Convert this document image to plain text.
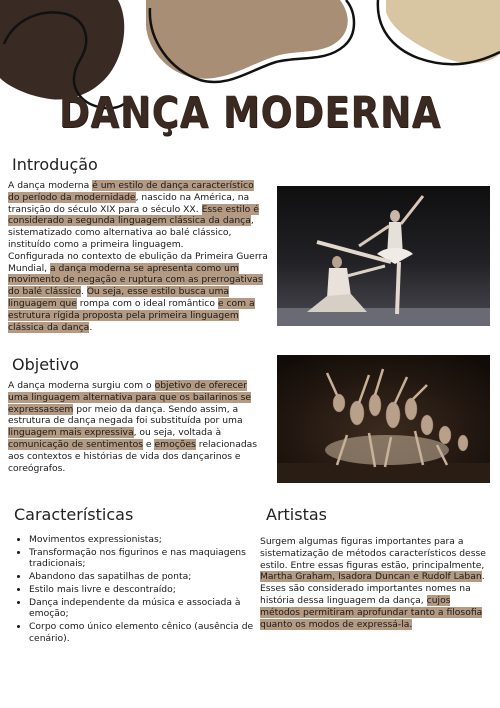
DANÇA MODERNA
Introdução

A dança moderna é um estilo de dança característico do período da modernidade, nascido na América, na transição do século XIX para o século XX. Esse estilo é considerado a segunda linguagem clássica da dança, sistematizado como alternativa ao balé clássico, instituído como a primeira linguagem.
Configurada no contexto de ebulição da Primeira Guerra Mundial, a dança moderna se apresenta como um movimento de negação e ruptura com as prerrogativas do balé clássico. Ou seja, esse estilo busca uma linguagem que rompa com o ideal romântico e com a estrutura rígida proposta pela primeira linguagem clássica da dança.

Objetivo

A dança moderna surgiu com o objetivo de oferecer uma linguagem alternativa para que os bailarinos se expressassem por meio da dança. Sendo assim, a estrutura de dança negada foi substituída por uma linguagem mais expressiva, ou seja, voltada à comunicação de sentimentos e emoções relacionadas aos contextos e histórias de vida dos dançarinos e coreógrafos.

Características
• Movimentos expressionistas;
• Transformação nos figurinos e nas maquiagens tradicionais;
• Abandono das sapatilhas de ponta;
• Estilo mais livre e descontraído;
• Dança independente da música e associada à emoção;
• Corpo como único elemento cênico (ausência de cenário).
Artistas

Surgem algumas figuras importantes para a sistematização de métodos característicos desse estilo. Entre essas figuras estão, principalmente, Martha Graham, Isadora Duncan e Rudolf Laban. Esses são considerado importantes nomes na história dessa linguagem da dança, cujos métodos permitiram aprofundar tanto a filosofia quanto os modos de expressá-la.
